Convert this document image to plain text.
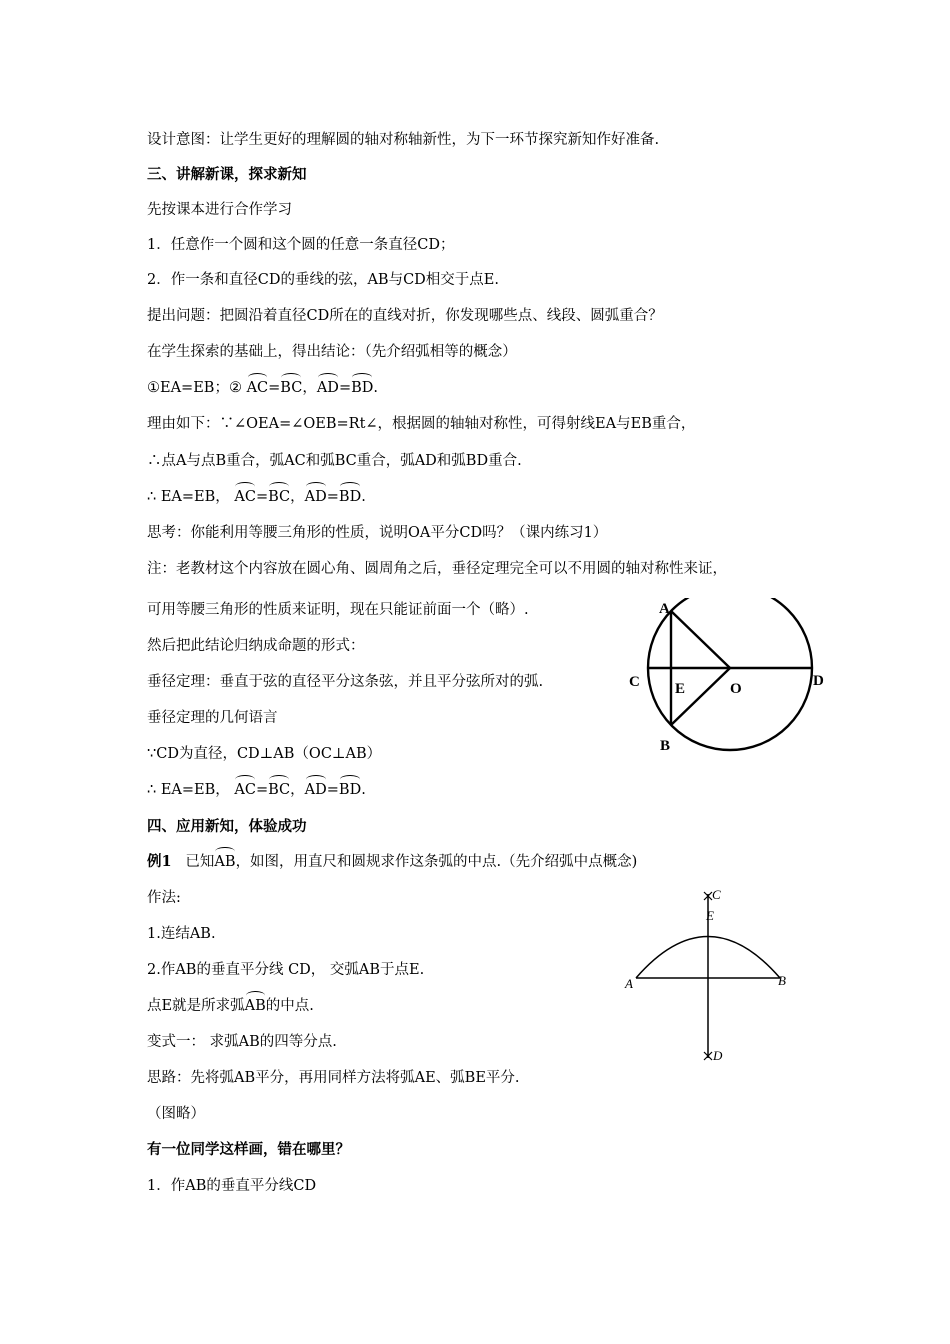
设计意图：让学生更好的理解圆的轴对称轴新性，为下一环节探究新知作好准备.
三、讲解新课，探求新知
先按课本进行合作学习
1．任意作一个圆和这个圆的任意一条直径CD；
2．作一条和直径CD的垂线的弦，AB与CD相交于点E.
提出问题：把圆沿着直径CD所在的直线对折，你发现哪些点、线段、圆弧重合？
在学生探索的基础上，得出结论：（先介绍弧相等的概念）
①EA=EB；② AC=BC，AD=BD.
理由如下：∵∠OEA=∠OEB=Rt∠，根据圆的轴轴对称性，可得射线EA与EB重合，
∴点A与点B重合，弧AC和弧BC重合，弧AD和弧BD重合.
∴ EA=EB， AC=BC，AD=BD.
思考：你能利用等腰三角形的性质，说明OA平分CD吗？（课内练习1）
注：老教材这个内容放在圆心角、圆周角之后，垂径定理完全可以不用圆的轴对称性来证，
可用等腰三角形的性质来证明，现在只能证前面一个（略）.
然后把此结论归纳成命题的形式：
垂径定理：垂直于弦的直径平分这条弦，并且平分弦所对的弧.
垂径定理的几何语言
∵CD为直径，CD⊥AB（OC⊥AB）
∴ EA=EB， AC=BC，AD=BD.
四、应用新知，体验成功
例1 已知AB，如图，用直尺和圆规求作这条弧的中点.（先介绍弧中点概念)
作法:
1.连结AB.
2.作AB的垂直平分线 CD， 交弧AB于点E.
点E就是所求弧AB的中点.
变式一： 求弧AB的四等分点.
思路：先将弧AB平分，再用同样方法将弧AE、弧BE平分.
（图略）
有一位同学这样画，错在哪里？
1．作AB的垂直平分线CD
A
B
C	D
E	O
C
E
A	B
D
